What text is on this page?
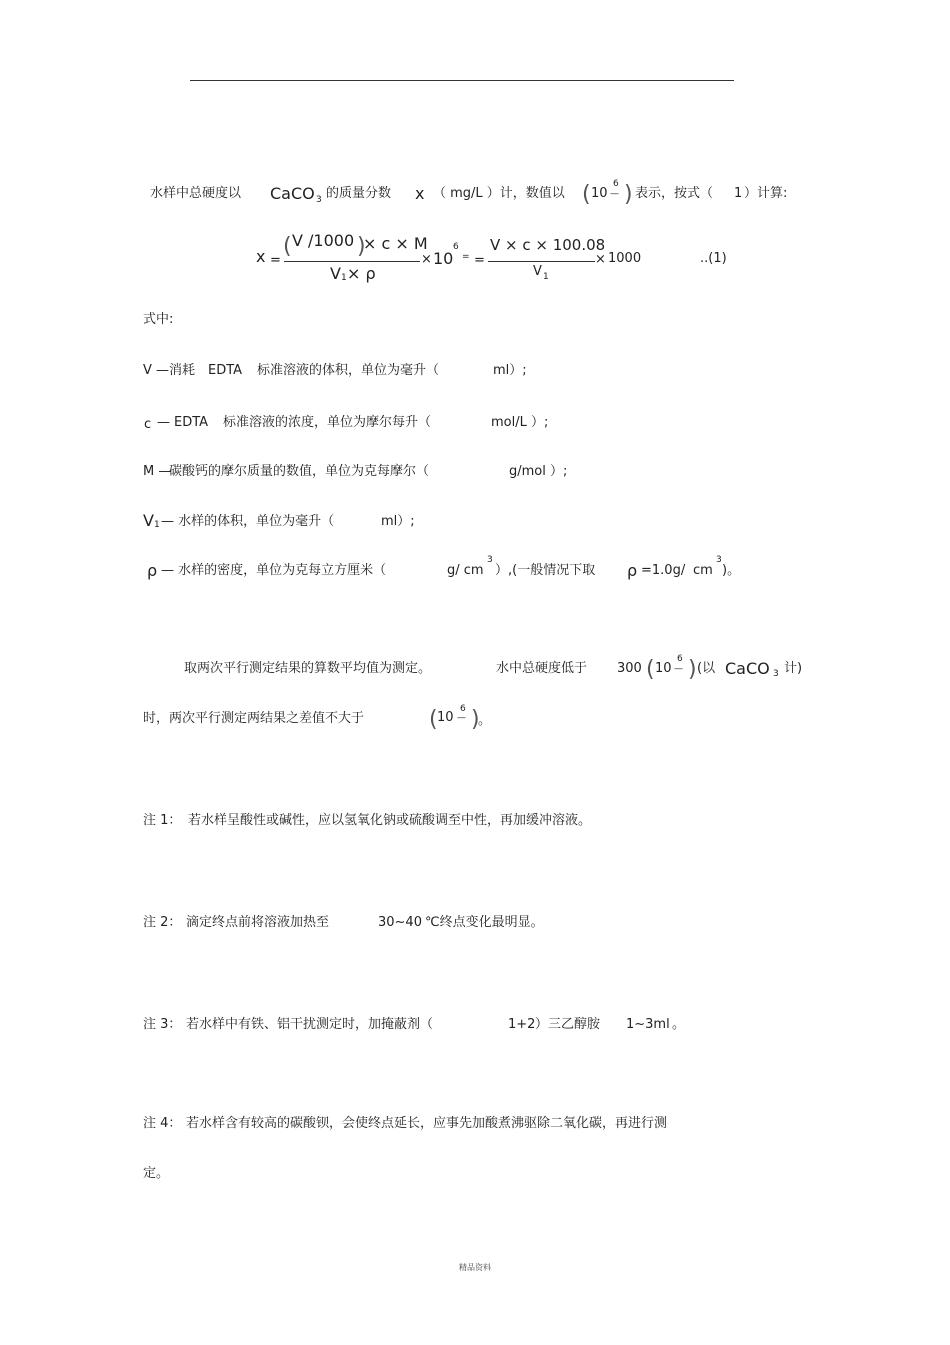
水样中总硬度以 CaCO 3 的质量分数 x （ mg/L ）计，数值以 ( 10
6
— ) 表示，按式（ 1 ）计算:
x =
( V /1000 )
× c × M
V 1 × ρ
× 10
6
= =
V × c × 100.08
V 1
× 1000	..(1)
式中:
V — 消耗 EDTA 标准溶液的体积，单位为毫升（	ml）;
c — EDTA 标准溶液的浓度，单位为摩尔每升（	mol/L ）;
M —
碳酸钙的摩尔质量的数值，单位为克每摩尔（	g/mol ）;
V 1 — 水样的体积，单位为毫升（	ml）;
ρ — 水样的密度，单位为克每立方厘米（	g/ cm
3
）,(一般情况下取 ρ =1.0g/ cm
3
)。
取两次平行测定结果的算数平均值为测定。	水中总硬度低于 300 ( 10
6
— ) (以 CaCO 3 计)
时，两次平行测定两结果之差值不大于	( 10
6
— )
。
注 1： 若水样呈酸性或碱性，应以氢氧化钠或硫酸调至中性，再加缓冲溶液。
注 2： 滴定终点前将溶液加热至	30~40 ℃终点变化最明显。
注 3： 若水样中有铁、铝干扰测定时，加掩蔽剂（	1+2 ）三乙醇胺 1~3ml 。
注 4： 若水样含有较高的碳酸钡，会使终点延长，应事先加酸煮沸驱除二氧化碳，再进行测
定。
精品资料
